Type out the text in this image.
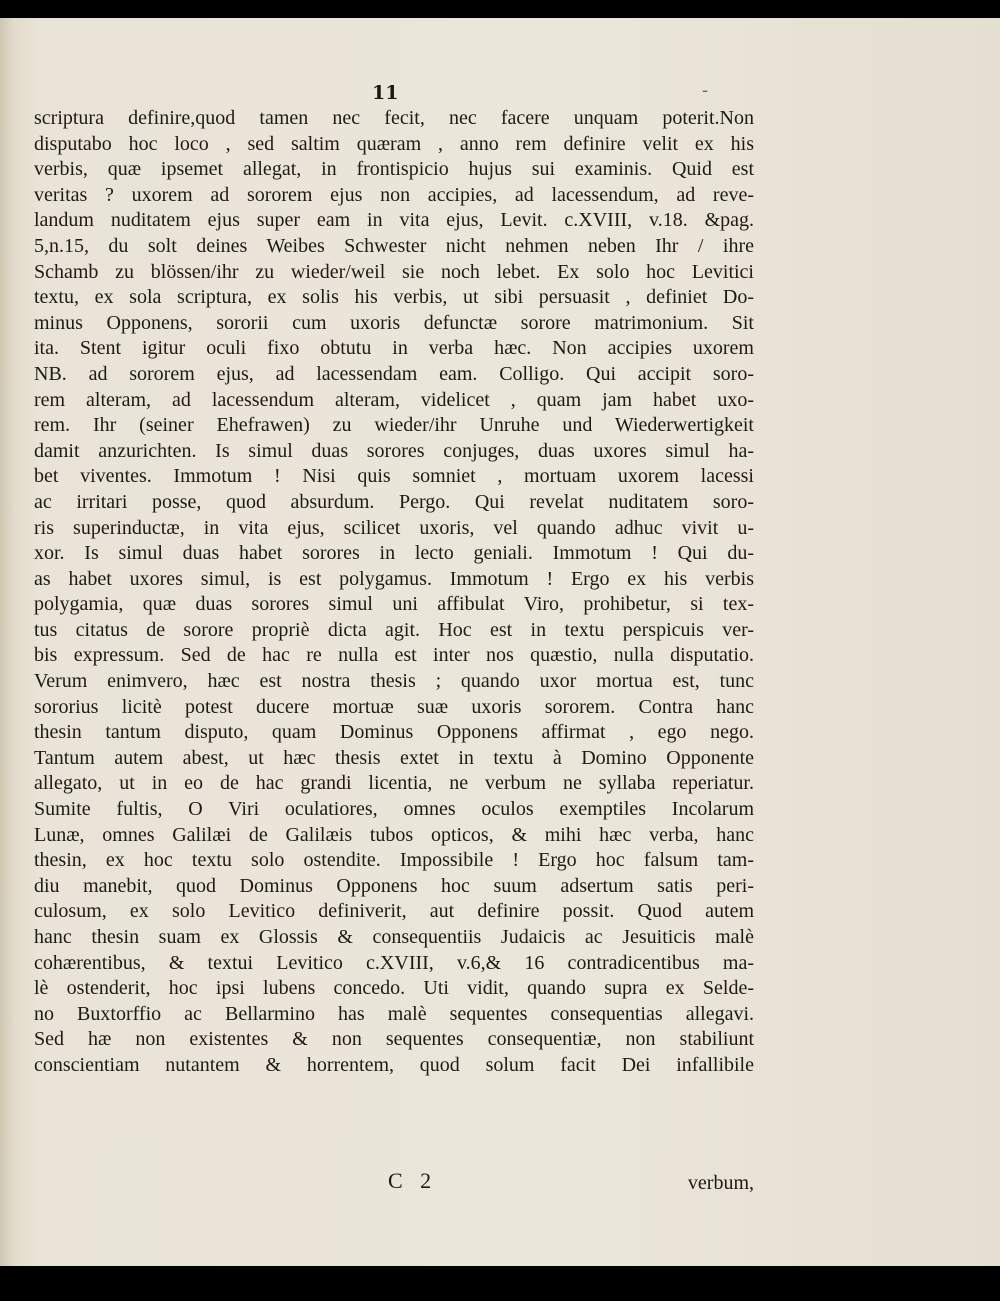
11	-
scriptura definire,quod tamen nec fecit, nec facere unquam poterit.Non
disputabo hoc loco , sed saltim quæram , anno rem definire velit ex his
verbis, quæ ipsemet allegat, in frontispicio hujus sui examinis. Quid est
veritas ? uxorem ad sororem ejus non accipies, ad lacessendum, ad reve-
landum nuditatem ejus super eam in vita ejus, Levit. c.XVIII, v.18. &pag.
5,n.15, du solt deines Weibes Schwester nicht nehmen neben Ihr / ihre
Schamb zu blössen/ihr zu wieder/weil sie noch lebet. Ex solo hoc Levitici
textu, ex sola scriptura, ex solis his verbis, ut sibi persuasit , definiet Do-
minus Opponens, sororii cum uxoris defunctæ sorore matrimonium. Sit
ita. Stent igitur oculi fixo obtutu in verba hæc. Non accipies uxorem
NB. ad sororem ejus, ad lacessendam eam. Colligo. Qui accipit soro-
rem alteram, ad lacessendum alteram, videlicet , quam jam habet uxo-
rem. Ihr (seiner Ehefrawen) zu wieder/ihr Unruhe und Wiederwertigkeit
damit anzurichten. Is simul duas sorores conjuges, duas uxores simul ha-
bet viventes. Immotum ! Nisi quis somniet , mortuam uxorem lacessi
ac irritari posse, quod absurdum. Pergo. Qui revelat nuditatem soro-
ris superinductæ, in vita ejus, scilicet uxoris, vel quando adhuc vivit u-
xor. Is simul duas habet sorores in lecto geniali. Immotum ! Qui du-
as habet uxores simul, is est polygamus. Immotum ! Ergo ex his verbis
polygamia, quæ duas sorores simul uni affibulat Viro, prohibetur, si tex-
tus citatus de sorore propriè dicta agit. Hoc est in textu perspicuis ver-
bis expressum. Sed de hac re nulla est inter nos quæstio, nulla disputatio.
Verum enimvero, hæc est nostra thesis ; quando uxor mortua est, tunc
sororius licitè potest ducere mortuæ suæ uxoris sororem. Contra hanc
thesin tantum disputo, quam Dominus Opponens affirmat , ego nego.
Tantum autem abest, ut hæc thesis extet in textu à Domino Opponente
allegato, ut in eo de hac grandi licentia, ne verbum ne syllaba reperiatur.
Sumite fultis, O Viri oculatiores, omnes oculos exemptiles Incolarum
Lunæ, omnes Galilæi de Galilæis tubos opticos, & mihi hæc verba, hanc
thesin, ex hoc textu solo ostendite. Impossibile ! Ergo hoc falsum tam-
diu manebit, quod Dominus Opponens hoc suum adsertum satis peri-
culosum, ex solo Levitico definiverit, aut definire possit. Quod autem
hanc thesin suam ex Glossis & consequentiis Judaicis ac Jesuiticis malè
cohærentibus, & textui Levitico c.XVIII, v.6,& 16 contradicentibus ma-
lè ostenderit, hoc ipsi lubens concedo. Uti vidit, quando supra ex Selde-
no Buxtorffio ac Bellarmino has malè sequentes consequentias allegavi.
Sed hæ non existentes & non sequentes consequentiæ, non stabiliunt
conscientiam nutantem & horrentem, quod solum facit Dei infallibile
C 2	verbum,
